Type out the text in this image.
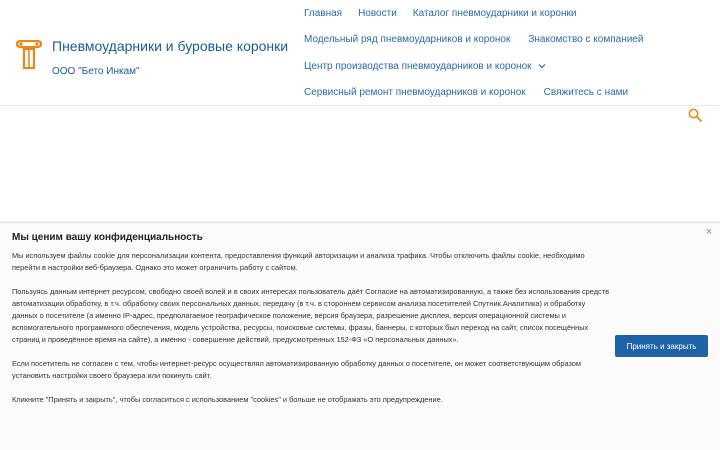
Пневмоударники и буровые коронки
ООО "Бето Инкам"
Главная	Новости	Каталог пневмоударники и коронки
Модельный ряд пневмоударников и коронок	Знакомство с компанией
Центр производства пневмоударников и коронок
Сервисный ремонт пневмоударников и коронок	Свяжитесь с нами
Мы ценим вашу конфиденциальность	×

Мы используем файлы cookie для персонализации контента, предоставления функций авторизации и анализа трафика. Чтобы отключить файлы cookie, необходимо перейти в настройки веб-браузера. Однако это может ограничить работу с сайтом.

Пользуясь данным интернет ресурсом, свободно своей волей и в своих интересах пользователь даёт Согласие на автоматизированную, а также без использования средств автоматизации обработку, в т.ч. обработку своих персональных данных, передачу (в т.ч. в стороннем сервисом анализа посетителей Спутник.Аналитика) и обработку данных о посетителе (а именно IP-адрес, предполагаемое географическое положение, версия браузера, разрешение дисплея, версия операционной системы и вспомогательного программного обеспечения, модель устройства, ресурсы, поисковые системы, фразы, баннеры, с которых был переход на сайт, список посещённых страниц и проведённое время на сайте), а именно - совершение действий, предусмотренных 152-ФЗ «О персональных данных».

Если посетитель не согласен с тем, чтобы интернет-ресурс осуществлял автоматизированную обработку данных о посетителе, он может соответствующим образом установить настройки своего браузера или покинуть сайт.

Кликните "Принять и закрыть", чтобы согласиться с использованием "cookies" и больше не отображать это предупреждение.

Принять и закрыть
